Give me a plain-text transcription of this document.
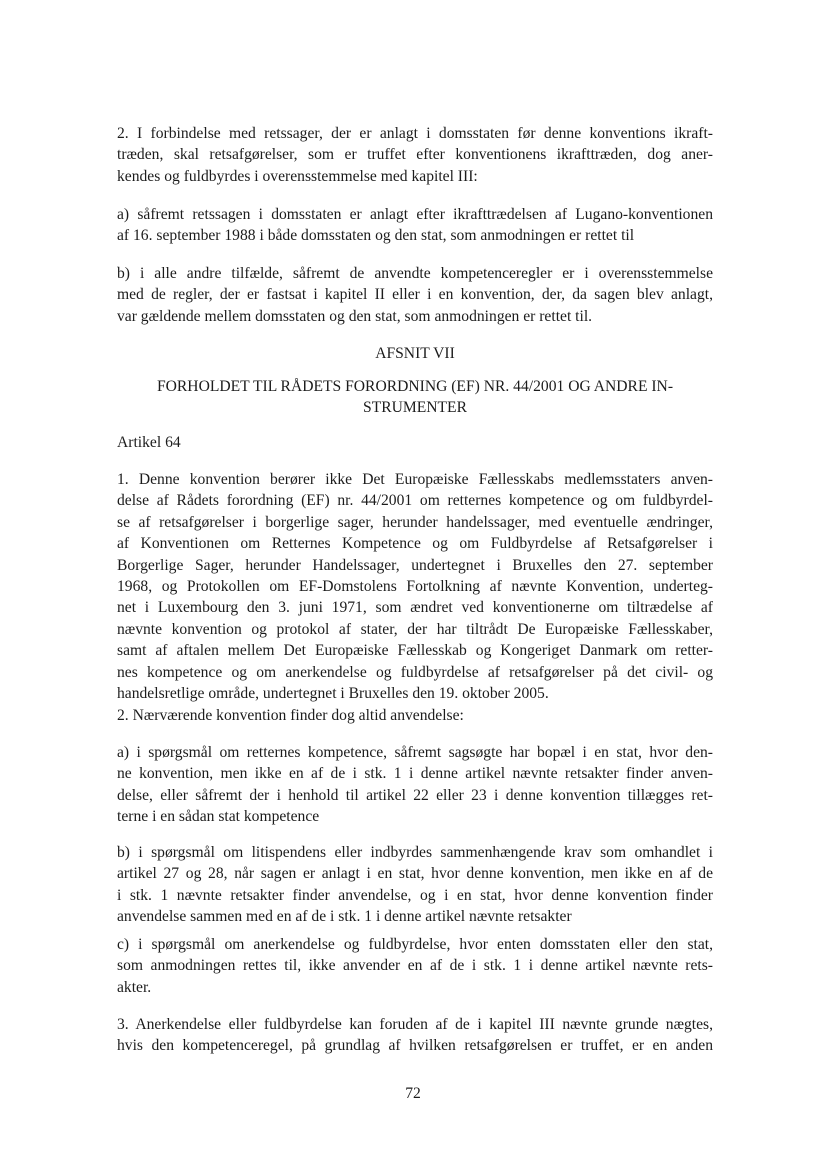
2. I forbindelse med retssager, der er anlagt i domsstaten før denne konventions ikraft-
træden, skal retsafgørelser, som er truffet efter konventionens ikrafttræden, dog aner-
kendes og fuldbyrdes i overensstemmelse med kapitel III:
a) såfremt retssagen i domsstaten er anlagt efter ikrafttrædelsen af Lugano-konventionen
af 16. september 1988 i både domsstaten og den stat, som anmodningen er rettet til
b) i alle andre tilfælde, såfremt de anvendte kompetenceregler er i overensstemmelse
med de regler, der er fastsat i kapitel II eller i en konvention, der, da sagen blev anlagt,
var gældende mellem domsstaten og den stat, som anmodningen er rettet til.
AFSNIT VII
FORHOLDET TIL RÅDETS FORORDNING (EF) NR. 44/2001 OG ANDRE IN-
STRUMENTER
Artikel 64
1. Denne konvention berører ikke Det Europæiske Fællesskabs medlemsstaters anven-
delse af Rådets forordning (EF) nr. 44/2001 om retternes kompetence og om fuldbyrdel-
se af retsafgørelser i borgerlige sager, herunder handelssager, med eventuelle ændringer,
af Konventionen om Retternes Kompetence og om Fuldbyrdelse af Retsafgørelser i
Borgerlige Sager, herunder Handelssager, undertegnet i Bruxelles den 27. september
1968, og Protokollen om EF-Domstolens Fortolkning af nævnte Konvention, underteg-
net i Luxembourg den 3. juni 1971, som ændret ved konventionerne om tiltrædelse af
nævnte konvention og protokol af stater, der har tiltrådt De Europæiske Fællesskaber,
samt af aftalen mellem Det Europæiske Fællesskab og Kongeriget Danmark om retter-
nes kompetence og om anerkendelse og fuldbyrdelse af retsafgørelser på det civil- og
handelsretlige område, undertegnet i Bruxelles den 19. oktober 2005.
2. Nærværende konvention finder dog altid anvendelse:
a) i spørgsmål om retternes kompetence, såfremt sagsøgte har bopæl i en stat, hvor den-
ne konvention, men ikke en af de i stk. 1 i denne artikel nævnte retsakter finder anven-
delse, eller såfremt der i henhold til artikel 22 eller 23 i denne konvention tillægges ret-
terne i en sådan stat kompetence
b) i spørgsmål om litispendens eller indbyrdes sammenhængende krav som omhandlet i
artikel 27 og 28, når sagen er anlagt i en stat, hvor denne konvention, men ikke en af de
i stk. 1 nævnte retsakter finder anvendelse, og i en stat, hvor denne konvention finder
anvendelse sammen med en af de i stk. 1 i denne artikel nævnte retsakter
c) i spørgsmål om anerkendelse og fuldbyrdelse, hvor enten domsstaten eller den stat,
som anmodningen rettes til, ikke anvender en af de i stk. 1 i denne artikel nævnte rets-
akter.
3. Anerkendelse eller fuldbyrdelse kan foruden af de i kapitel III nævnte grunde nægtes,
hvis den kompetenceregel, på grundlag af hvilken retsafgørelsen er truffet, er en anden
72
